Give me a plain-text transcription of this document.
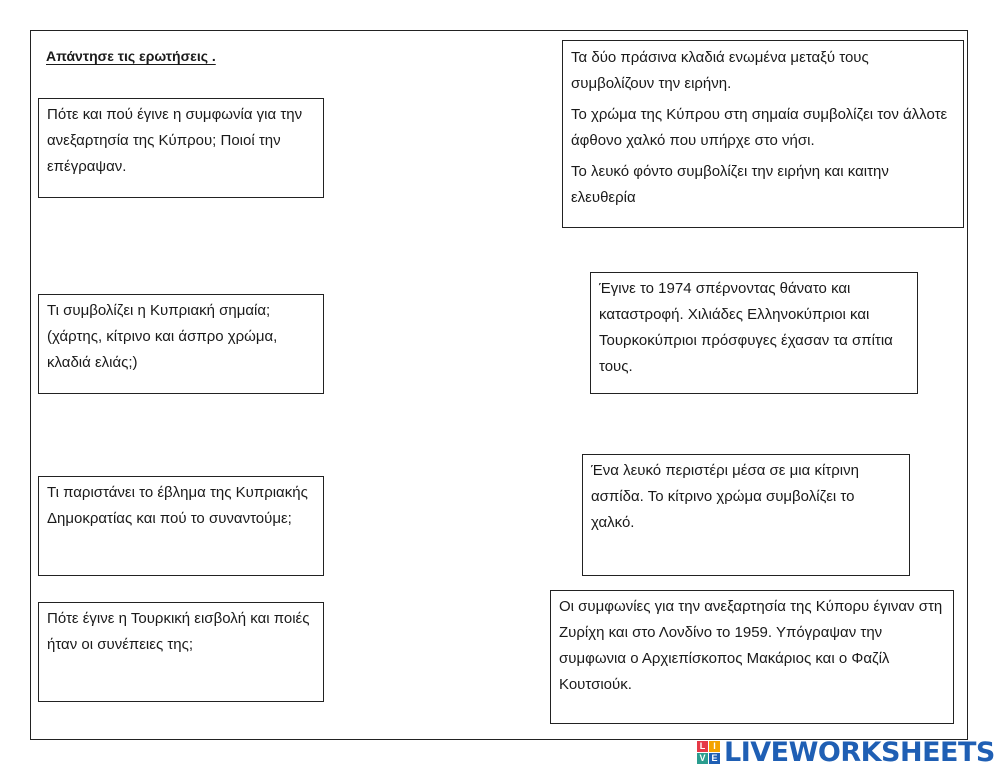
Απάντησε τις ερωτήσεις .

Πότε και πού έγινε η συμφωνία για την ανεξαρτησία της Κύπρου; Ποιοί την επέγραψαν.

Τι συμβολίζει η Κυπριακή σημαία; (χάρτης, κίτρινο και άσπρο χρώμα, κλαδιά ελιάς;)

Τι παριστάνει το έβλημα της Κυπριακής Δημοκρατίας και πού το συναντούμε;

Πότε έγινε η Τουρκική εισβολή και ποιές ήταν οι συνέπειες της;

Τα δύο πράσινα κλαδιά ενωμένα μεταξύ τους συμβολίζουν την ειρήνη.

Το χρώμα της Κύπρου στη σημαία συμβολίζει τον άλλοτε άφθονο χαλκό που υπήρχε στο νήσι.

Το λευκό φόντο συμβολίζει την ειρήνη και καιτην ελευθερία

Έγινε το 1974 σπέρνοντας θάνατο και καταστροφή. Χιλιάδες Ελληνοκύπριοι και Τουρκοκύπριοι πρόσφυγες έχασαν τα σπίτια τους.

Ένα λευκό περιστέρι μέσα σε μια κίτρινη ασπίδα. Το κίτρινο χρώμα συμβολίζει το χαλκό.

Οι συμφωνίες για την ανεξαρτησία της Κύπορυ έγιναν στη Ζυρίχη και στο Λονδίνο το 1959. Υπόγραψαν την συμφωνια ο Αρχιεπίσκοπος Μακάριος και ο Φαζίλ Κουτσιούκ.

L I
V E LIVEWORKSHEETS
